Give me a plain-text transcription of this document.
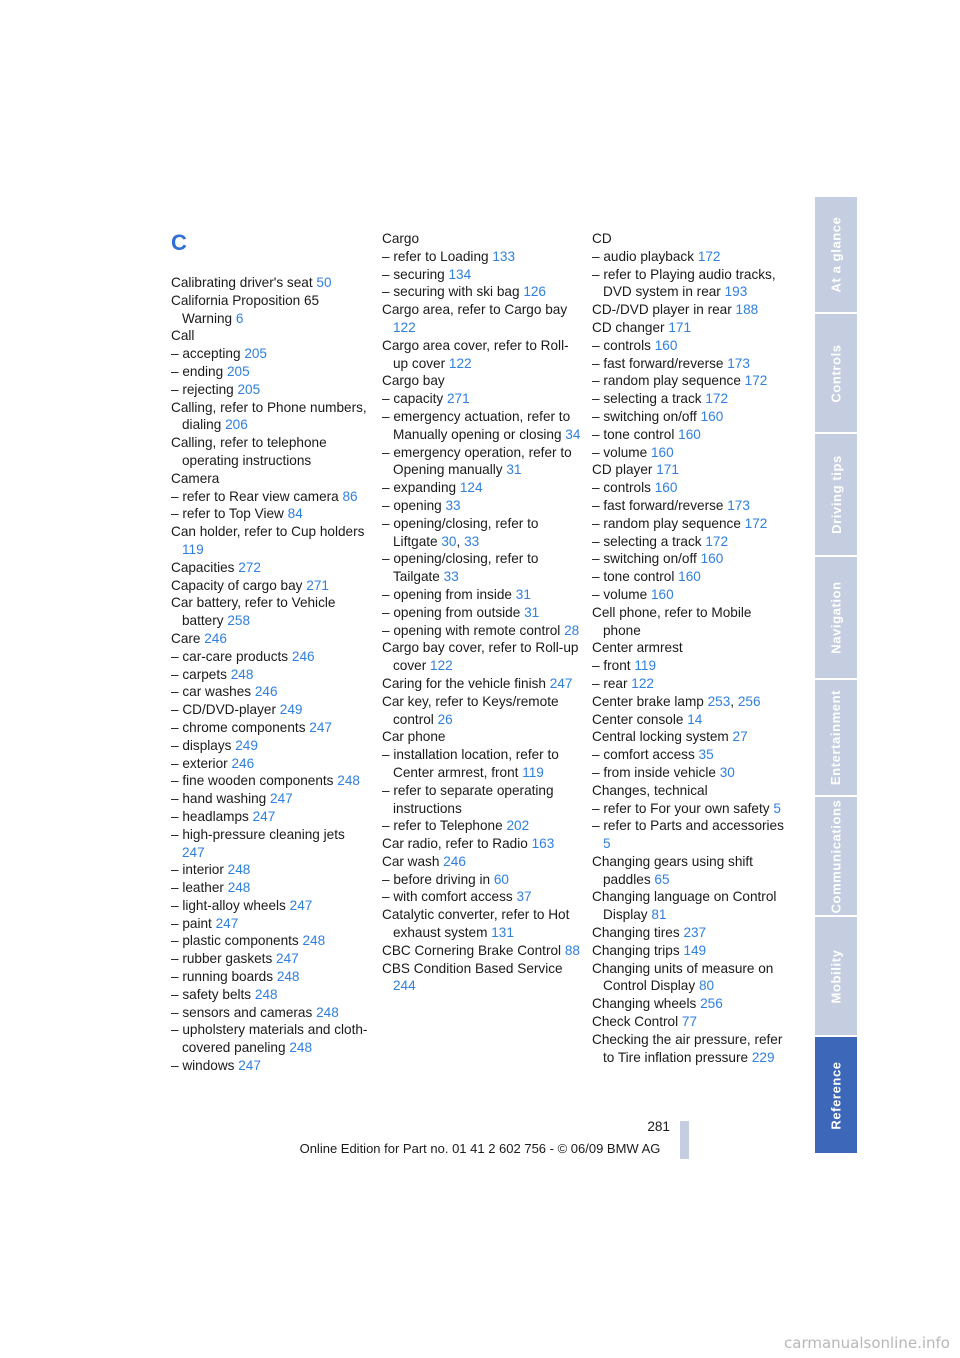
C
Calibrating driver's seat 50
California Proposition 65 Warning 6
Call
– accepting 205
– ending 205
– rejecting 205
Calling, refer to Phone numbers, dialing 206
Calling, refer to telephone operating instructions
Camera
– refer to Rear view camera 86
– refer to Top View 84
Can holder, refer to Cup holders 119
Capacities 272
Capacity of cargo bay 271
Car battery, refer to Vehicle battery 258
Care 246
– car-care products 246
– carpets 248
– car washes 246
– CD/DVD-player 249
– chrome components 247
– displays 249
– exterior 246
– fine wooden components 248
– hand washing 247
– headlamps 247
– high-pressure cleaning jets 247
– interior 248
– leather 248
– light-alloy wheels 247
– paint 247
– plastic components 248
– rubber gaskets 247
– running boards 248
– safety belts 248
– sensors and cameras 248
– upholstery materials and cloth-covered paneling 248
– windows 247
Cargo
– refer to Loading 133
– securing 134
– securing with ski bag 126
Cargo area, refer to Cargo bay 122
Cargo area cover, refer to Roll-up cover 122
Cargo bay
– capacity 271
– emergency actuation, refer to Manually opening or closing 34
– emergency operation, refer to Opening manually 31
– expanding 124
– opening 33
– opening/closing, refer to Liftgate 30, 33
– opening/closing, refer to Tailgate 33
– opening from inside 31
– opening from outside 31
– opening with remote control 28
Cargo bay cover, refer to Roll-up cover 122
Caring for the vehicle finish 247
Car key, refer to Keys/remote control 26
Car phone
– installation location, refer to Center armrest, front 119
– refer to separate operating instructions
– refer to Telephone 202
Car radio, refer to Radio 163
Car wash 246
– before driving in 60
– with comfort access 37
Catalytic converter, refer to Hot exhaust system 131
CBC Cornering Brake Control 88
CBS Condition Based Service 244
CD
– audio playback 172
– refer to Playing audio tracks, DVD system in rear 193
CD-/DVD player in rear 188
CD changer 171
– controls 160
– fast forward/reverse 173
– random play sequence 172
– selecting a track 172
– switching on/off 160
– tone control 160
– volume 160
CD player 171
– controls 160
– fast forward/reverse 173
– random play sequence 172
– selecting a track 172
– switching on/off 160
– tone control 160
– volume 160
Cell phone, refer to Mobile phone
Center armrest
– front 119
– rear 122
Center brake lamp 253, 256
Center console 14
Central locking system 27
– comfort access 35
– from inside vehicle 30
Changes, technical
– refer to For your own safety 5
– refer to Parts and accessories 5
Changing gears using shift paddles 65
Changing language on Control Display 81
Changing tires 237
Changing trips 149
Changing units of measure on Control Display 80
Changing wheels 256
Check Control 77
Checking the air pressure, refer to Tire inflation pressure 229
At a glance
Controls
Driving tips
Navigation
Entertainment
Communications
Mobility
Reference
281
Online Edition for Part no. 01 41 2 602 756 - © 06/09 BMW AG
carmanualsonline.info
